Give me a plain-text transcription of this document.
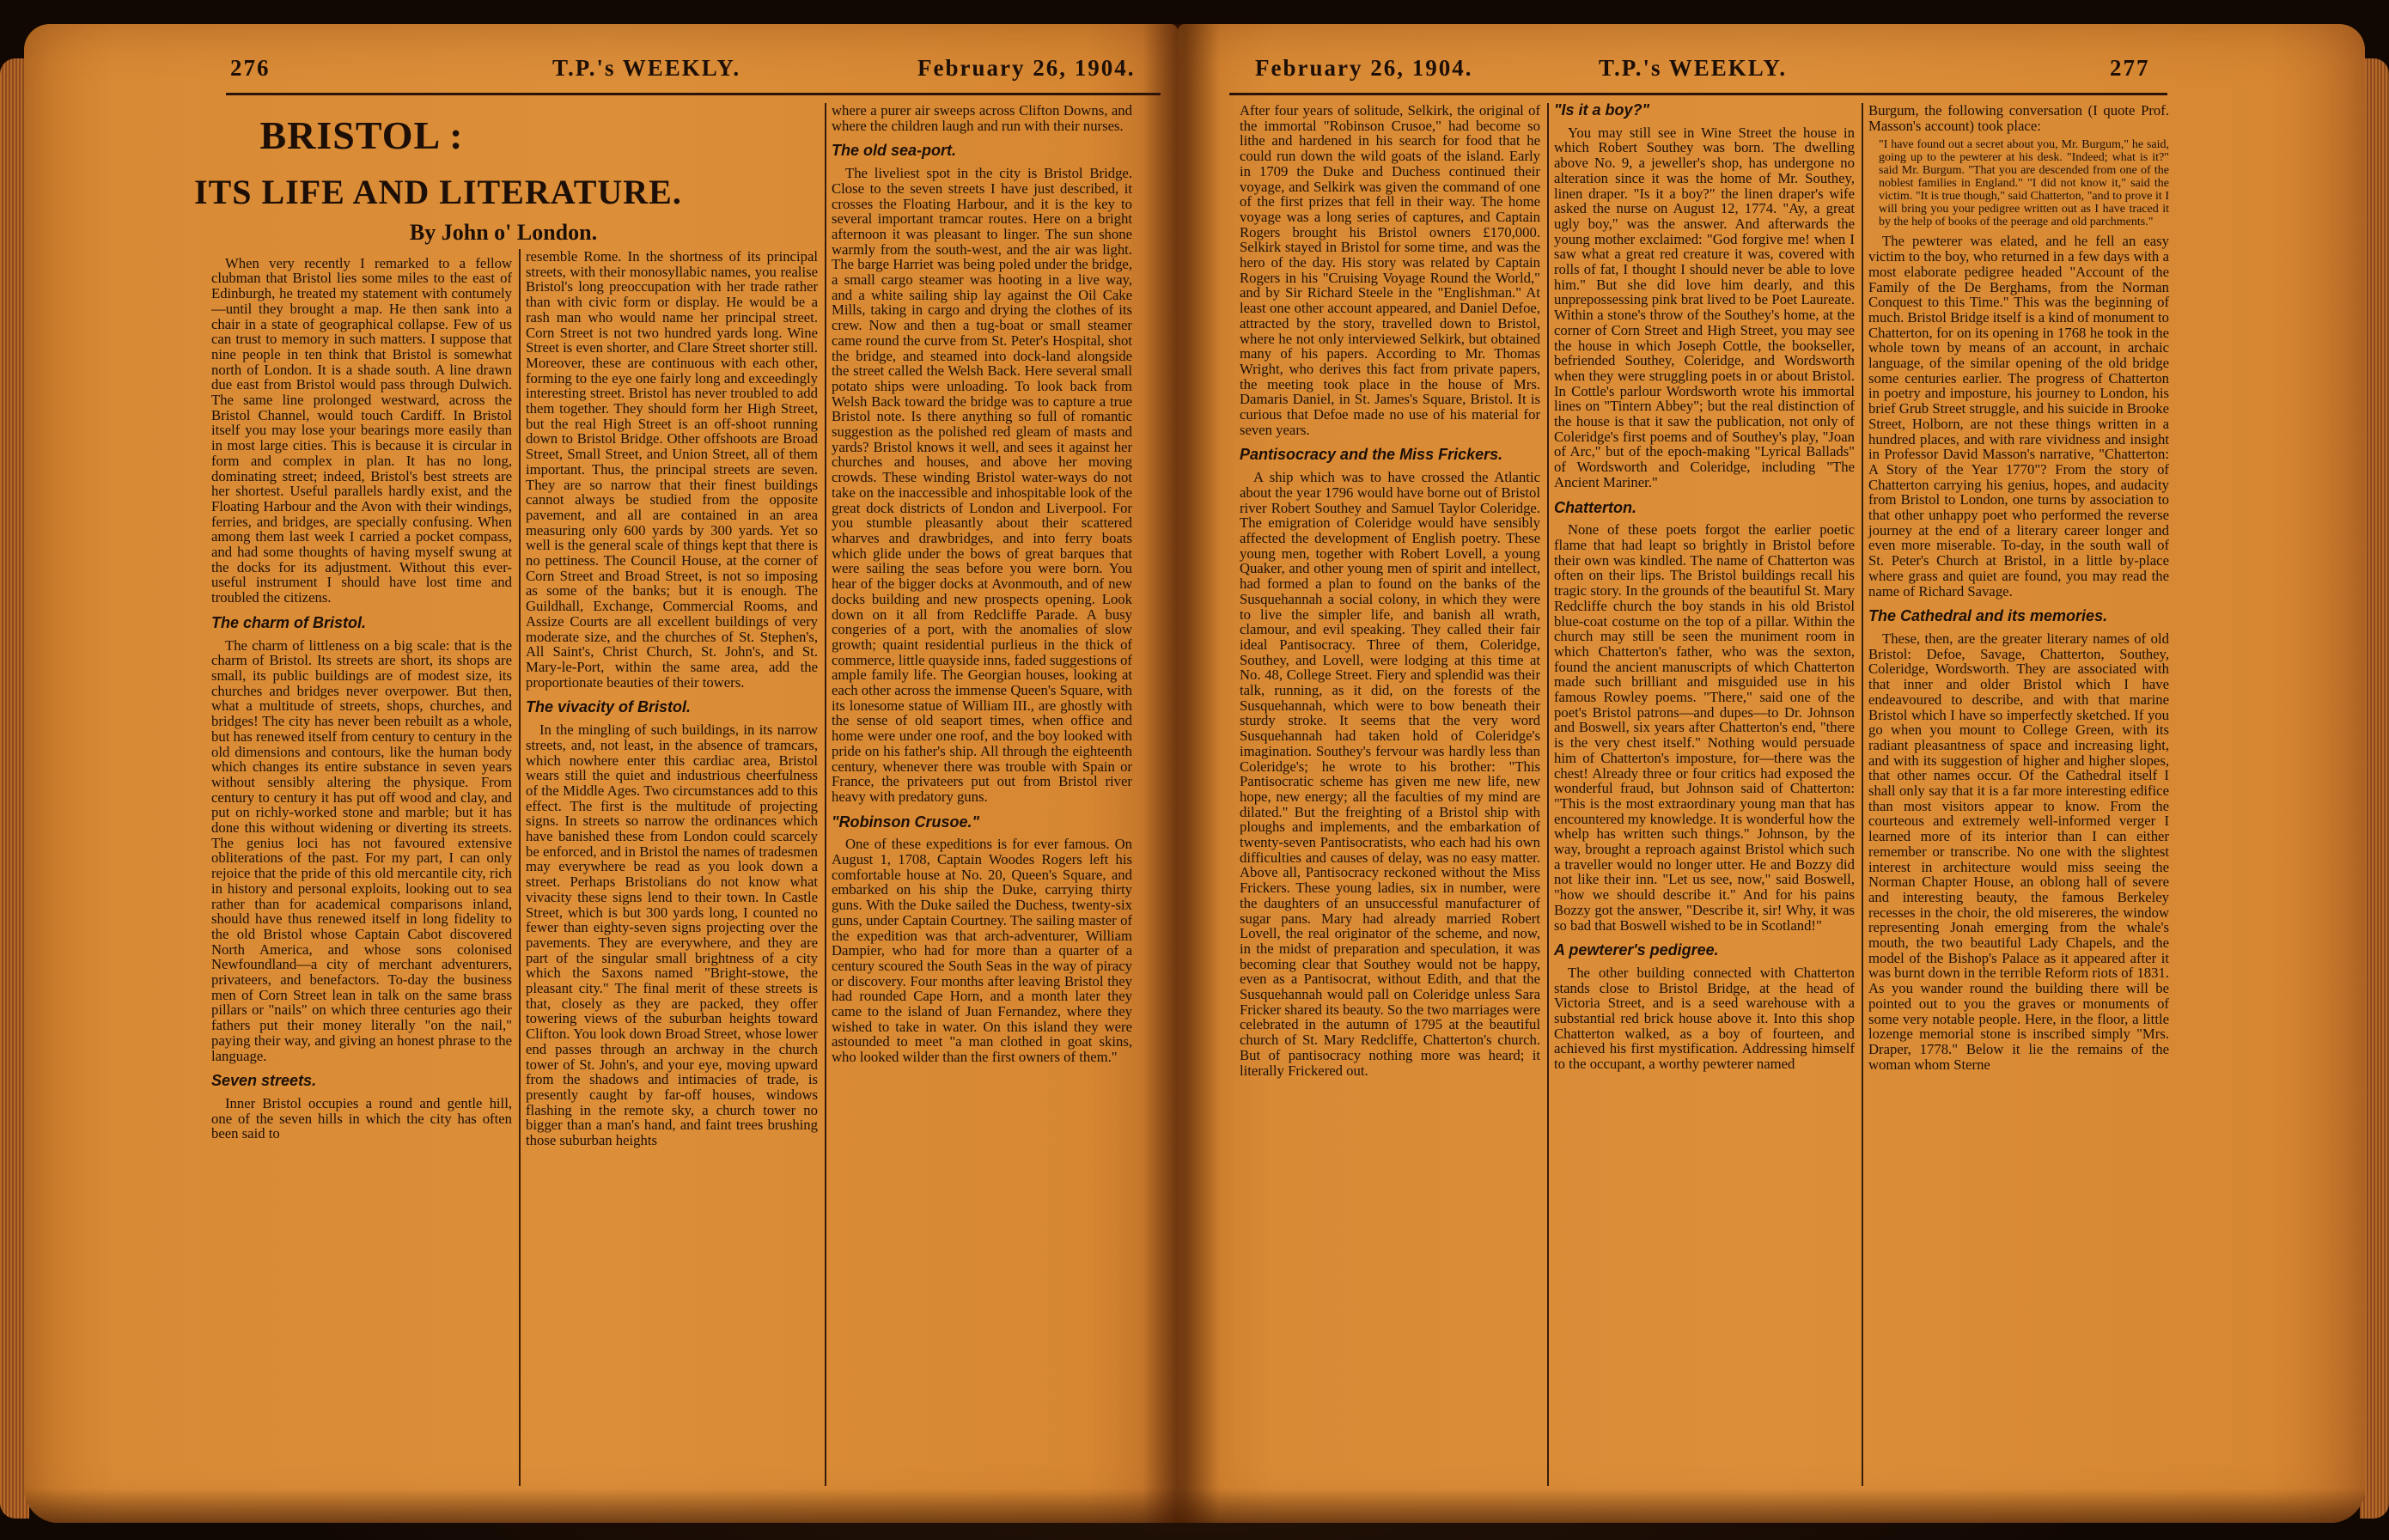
276	T.P.'s WEEKLY.	February 26, 1904.
BRISTOL :
ITS LIFE AND LITERATURE.
By John o' London.

When very recently I remarked to a fellow clubman that Bristol lies some miles to the east of Edinburgh, he treated my statement with contumely—until they brought a map. He then sank into a chair in a state of geographical collapse. Few of us can trust to memory in such matters. I suppose that nine people in ten think that Bristol is somewhat north of London. It is a shade south. A line drawn due east from Bristol would pass through Dulwich. The same line prolonged westward, across the Bristol Channel, would touch Cardiff. In Bristol itself you may lose your bearings more easily than in most large cities. This is because it is circular in form and complex in plan. It has no long, dominating street; indeed, Bristol's best streets are her shortest. Useful parallels hardly exist, and the Floating Harbour and the Avon with their windings, ferries, and bridges, are specially confusing. When among them last week I carried a pocket compass, and had some thoughts of having myself swung at the docks for its adjustment. Without this ever-useful instrument I should have lost time and troubled the citizens.

The charm of Bristol.

The charm of littleness on a big scale: that is the charm of Bristol. Its streets are short, its shops are small, its public buildings are of modest size, its churches and bridges never overpower. But then, what a multitude of streets, shops, churches, and bridges! The city has never been rebuilt as a whole, but has renewed itself from century to century in the old dimensions and contours, like the human body which changes its entire substance in seven years without sensibly altering the physique. From century to century it has put off wood and clay, and put on richly-worked stone and marble; but it has done this without widening or diverting its streets. The genius loci has not favoured extensive obliterations of the past. For my part, I can only rejoice that the pride of this old mercantile city, rich in history and personal exploits, looking out to sea rather than for academical comparisons inland, should have thus renewed itself in long fidelity to the old Bristol whose Captain Cabot discovered North America, and whose sons colonised Newfoundland—a city of merchant adventurers, privateers, and benefactors. To-day the business men of Corn Street lean in talk on the same brass pillars or "nails" on which three centuries ago their fathers put their money literally "on the nail," paying their way, and giving an honest phrase to the language.

Seven streets.

Inner Bristol occupies a round and gentle hill, one of the seven hills in which the city has often been said to

resemble Rome. In the shortness of its principal streets, with their monosyllabic names, you realise Bristol's long preoccupation with her trade rather than with civic form or display. He would be a rash man who would name her principal street. Corn Street is not two hundred yards long. Wine Street is even shorter, and Clare Street shorter still. Moreover, these are continuous with each other, forming to the eye one fairly long and exceedingly interesting street. Bristol has never troubled to add them together. They should form her High Street, but the real High Street is an off-shoot running down to Bristol Bridge. Other offshoots are Broad Street, Small Street, and Union Street, all of them important. Thus, the principal streets are seven. They are so narrow that their finest buildings cannot always be studied from the opposite pavement, and all are contained in an area measuring only 600 yards by 300 yards. Yet so well is the general scale of things kept that there is no pettiness. The Council House, at the corner of Corn Street and Broad Street, is not so imposing as some of the banks; but it is enough. The Guildhall, Exchange, Commercial Rooms, and Assize Courts are all excellent buildings of very moderate size, and the churches of St. Stephen's, All Saint's, Christ Church, St. John's, and St. Mary-le-Port, within the same area, add the proportionate beauties of their towers.

The vivacity of Bristol.

In the mingling of such buildings, in its narrow streets, and, not least, in the absence of tramcars, which nowhere enter this cardiac area, Bristol wears still the quiet and industrious cheerfulness of the Middle Ages. Two circumstances add to this effect. The first is the multitude of projecting signs. In streets so narrow the ordinances which have banished these from London could scarcely be enforced, and in Bristol the names of tradesmen may everywhere be read as you look down a street. Perhaps Bristolians do not know what vivacity these signs lend to their town. In Castle Street, which is but 300 yards long, I counted no fewer than eighty-seven signs projecting over the pavements. They are everywhere, and they are part of the singular small brightness of a city which the Saxons named "Bright-stowe, the pleasant city." The final merit of these streets is that, closely as they are packed, they offer towering views of the suburban heights toward Clifton. You look down Broad Street, whose lower end passes through an archway in the church tower of St. John's, and your eye, moving upward from the shadows and intimacies of trade, is presently caught by far-off houses, windows flashing in the remote sky, a church tower no bigger than a man's hand, and faint trees brushing those suburban heights

where a purer air sweeps across Clifton Downs, and where the children laugh and run with their nurses.

The old sea-port.

The liveliest spot in the city is Bristol Bridge. Close to the seven streets I have just described, it crosses the Floating Harbour, and it is the key to several important tramcar routes. Here on a bright afternoon it was pleasant to linger. The sun shone warmly from the south-west, and the air was light. The barge Harriet was being poled under the bridge, a small cargo steamer was hooting in a live way, and a white sailing ship lay against the Oil Cake Mills, taking in cargo and drying the clothes of its crew. Now and then a tug-boat or small steamer came round the curve from St. Peter's Hospital, shot the bridge, and steamed into dock-land alongside the street called the Welsh Back. Here several small potato ships were unloading. To look back from Welsh Back toward the bridge was to capture a true Bristol note. Is there anything so full of romantic suggestion as the polished red gleam of masts and yards? Bristol knows it well, and sees it against her churches and houses, and above her moving crowds. These winding Bristol water-ways do not take on the inaccessible and inhospitable look of the great dock districts of London and Liverpool. For you stumble pleasantly about their scattered wharves and drawbridges, and into ferry boats which glide under the bows of great barques that were sailing the seas before you were born. You hear of the bigger docks at Avonmouth, and of new docks building and new prospects opening. Look down on it all from Redcliffe Parade. A busy congeries of a port, with the anomalies of slow growth; quaint residential purlieus in the thick of commerce, little quayside inns, faded suggestions of ample family life. The Georgian houses, looking at each other across the immense Queen's Square, with its lonesome statue of William III., are ghostly with the sense of old seaport times, when office and home were under one roof, and the boy looked with pride on his father's ship. All through the eighteenth century, whenever there was trouble with Spain or France, the privateers put out from Bristol river heavy with predatory guns.

"Robinson Crusoe."

One of these expeditions is for ever famous. On August 1, 1708, Captain Woodes Rogers left his comfortable house at No. 20, Queen's Square, and embarked on his ship the Duke, carrying thirty guns. With the Duke sailed the Duchess, twenty-six guns, under Captain Courtney. The sailing master of the expedition was that arch-adventurer, William Dampier, who had for more than a quarter of a century scoured the South Seas in the way of piracy or discovery. Four months after leaving Bristol they had rounded Cape Horn, and a month later they came to the island of Juan Fernandez, where they wished to take in water. On this island they were astounded to meet "a man clothed in goat skins, who looked wilder than the first owners of them."

February 26, 1904.	T.P.'s WEEKLY.	277

After four years of solitude, Selkirk, the original of the immortal "Robinson Crusoe," had become so lithe and hardened in his search for food that he could run down the wild goats of the island. Early in 1709 the Duke and Duchess continued their voyage, and Selkirk was given the command of one of the first prizes that fell in their way. The home voyage was a long series of captures, and Captain Rogers brought his Bristol owners £170,000. Selkirk stayed in Bristol for some time, and was the hero of the day. His story was related by Captain Rogers in his "Cruising Voyage Round the World," and by Sir Richard Steele in the "Englishman." At least one other account appeared, and Daniel Defoe, attracted by the story, travelled down to Bristol, where he not only interviewed Selkirk, but obtained many of his papers. According to Mr. Thomas Wright, who derives this fact from private papers, the meeting took place in the house of Mrs. Damaris Daniel, in St. James's Square, Bristol. It is curious that Defoe made no use of his material for seven years.

Pantisocracy and the Miss Frickers.

A ship which was to have crossed the Atlantic about the year 1796 would have borne out of Bristol river Robert Southey and Samuel Taylor Coleridge. The emigration of Coleridge would have sensibly affected the development of English poetry. These young men, together with Robert Lovell, a young Quaker, and other young men of spirit and intellect, had formed a plan to found on the banks of the Susquehannah a social colony, in which they were to live the simpler life, and banish all wrath, clamour, and evil speaking. They called their fair ideal Pantisocracy. Three of them, Coleridge, Southey, and Lovell, were lodging at this time at No. 48, College Street. Fiery and splendid was their talk, running, as it did, on the forests of the Susquehannah, which were to bow beneath their sturdy stroke. It seems that the very word Susquehannah had taken hold of Coleridge's imagination. Southey's fervour was hardly less than Coleridge's; he wrote to his brother: "This Pantisocratic scheme has given me new life, new hope, new energy; all the faculties of my mind are dilated." But the freighting of a Bristol ship with ploughs and implements, and the embarkation of twenty-seven Pantisocratists, who each had his own difficulties and causes of delay, was no easy matter. Above all, Pantisocracy reckoned without the Miss Frickers. These young ladies, six in number, were the daughters of an unsuccessful manufacturer of sugar pans. Mary had already married Robert Lovell, the real originator of the scheme, and now, in the midst of preparation and speculation, it was becoming clear that Southey would not be happy, even as a Pantisocrat, without Edith, and that the Susquehannah would pall on Coleridge unless Sara Fricker shared its beauty. So the two marriages were celebrated in the autumn of 1795 at the beautiful church of St. Mary Redcliffe, Chatterton's church. But of pantisocracy nothing more was heard; it literally Frickered out.

"Is it a boy?"

You may still see in Wine Street the house in which Robert Southey was born. The dwelling above No. 9, a jeweller's shop, has undergone no alteration since it was the home of Mr. Southey, linen draper. "Is it a boy?" the linen draper's wife asked the nurse on August 12, 1774. "Ay, a great ugly boy," was the answer. And afterwards the young mother exclaimed: "God forgive me! when I saw what a great red creature it was, covered with rolls of fat, I thought I should never be able to love him." But she did love him dearly, and this unprepossessing pink brat lived to be Poet Laureate. Within a stone's throw of the Southey's home, at the corner of Corn Street and High Street, you may see the house in which Joseph Cottle, the bookseller, befriended Southey, Coleridge, and Wordsworth when they were struggling poets in or about Bristol. In Cottle's parlour Wordsworth wrote his immortal lines on "Tintern Abbey"; but the real distinction of the house is that it saw the publication, not only of Coleridge's first poems and of Southey's play, "Joan of Arc," but of the epoch-making "Lyrical Ballads" of Wordsworth and Coleridge, including "The Ancient Mariner."

Chatterton.

None of these poets forgot the earlier poetic flame that had leapt so brightly in Bristol before their own was kindled. The name of Chatterton was often on their lips. The Bristol buildings recall his tragic story. In the grounds of the beautiful St. Mary Redcliffe church the boy stands in his old Bristol blue-coat costume on the top of a pillar. Within the church may still be seen the muniment room in which Chatterton's father, who was the sexton, found the ancient manuscripts of which Chatterton made such brilliant and misguided use in his famous Rowley poems. "There," said one of the poet's Bristol patrons—and dupes—to Dr. Johnson and Boswell, six years after Chatterton's end, "there is the very chest itself." Nothing would persuade him of Chatterton's imposture, for—there was the chest! Already three or four critics had exposed the wonderful fraud, but Johnson said of Chatterton: "This is the most extraordinary young man that has encountered my knowledge. It is wonderful how the whelp has written such things." Johnson, by the way, brought a reproach against Bristol which such a traveller would no longer utter. He and Bozzy did not like their inn. "Let us see, now," said Boswell, "how we should describe it." And for his pains Bozzy got the answer, "Describe it, sir! Why, it was so bad that Boswell wished to be in Scotland!"

A pewterer's pedigree.

The other building connected with Chatterton stands close to Bristol Bridge, at the head of Victoria Street, and is a seed warehouse with a substantial red brick house above it. Into this shop Chatterton walked, as a boy of fourteen, and achieved his first mystification. Addressing himself to the occupant, a worthy pewterer named

Burgum, the following conversation (I quote Prof. Masson's account) took place:

"I have found out a secret about you, Mr. Burgum," he said, going up to the pewterer at his desk. "Indeed; what is it?" said Mr. Burgum. "That you are descended from one of the noblest families in England." "I did not know it," said the victim. "It is true though," said Chatterton, "and to prove it I will bring you your pedigree written out as I have traced it by the help of books of the peerage and old parchments."

The pewterer was elated, and he fell an easy victim to the boy, who returned in a few days with a most elaborate pedigree headed "Account of the Family of the De Berghams, from the Norman Conquest to this Time." This was the beginning of much. Bristol Bridge itself is a kind of monument to Chatterton, for on its opening in 1768 he took in the whole town by means of an account, in archaic language, of the similar opening of the old bridge some centuries earlier. The progress of Chatterton in poetry and imposture, his journey to London, his brief Grub Street struggle, and his suicide in Brooke Street, Holborn, are not these things written in a hundred places, and with rare vividness and insight in Professor David Masson's narrative, "Chatterton: A Story of the Year 1770"? From the story of Chatterton carrying his genius, hopes, and audacity from Bristol to London, one turns by association to that other unhappy poet who performed the reverse journey at the end of a literary career longer and even more miserable. To-day, in the south wall of St. Peter's Church at Bristol, in a little by-place where grass and quiet are found, you may read the name of Richard Savage.

The Cathedral and its memories.

These, then, are the greater literary names of old Bristol: Defoe, Savage, Chatterton, Southey, Coleridge, Wordsworth. They are associated with that inner and older Bristol which I have endeavoured to describe, and with that marine Bristol which I have so imperfectly sketched. If you go when you mount to College Green, with its radiant pleasantness of space and increasing light, and with its suggestion of higher and higher slopes, that other names occur. Of the Cathedral itself I shall only say that it is a far more interesting edifice than most visitors appear to know. From the courteous and extremely well-informed verger I learned more of its interior than I can either remember or transcribe. No one with the slightest interest in architecture would miss seeing the Norman Chapter House, an oblong hall of severe and interesting beauty, the famous Berkeley recesses in the choir, the old misereres, the window representing Jonah emerging from the whale's mouth, the two beautiful Lady Chapels, and the model of the Bishop's Palace as it appeared after it was burnt down in the terrible Reform riots of 1831. As you wander round the building there will be pointed out to you the graves or monuments of some very notable people. Here, in the floor, a little lozenge memorial stone is inscribed simply "Mrs. Draper, 1778." Below it lie the remains of the woman whom Sterne
